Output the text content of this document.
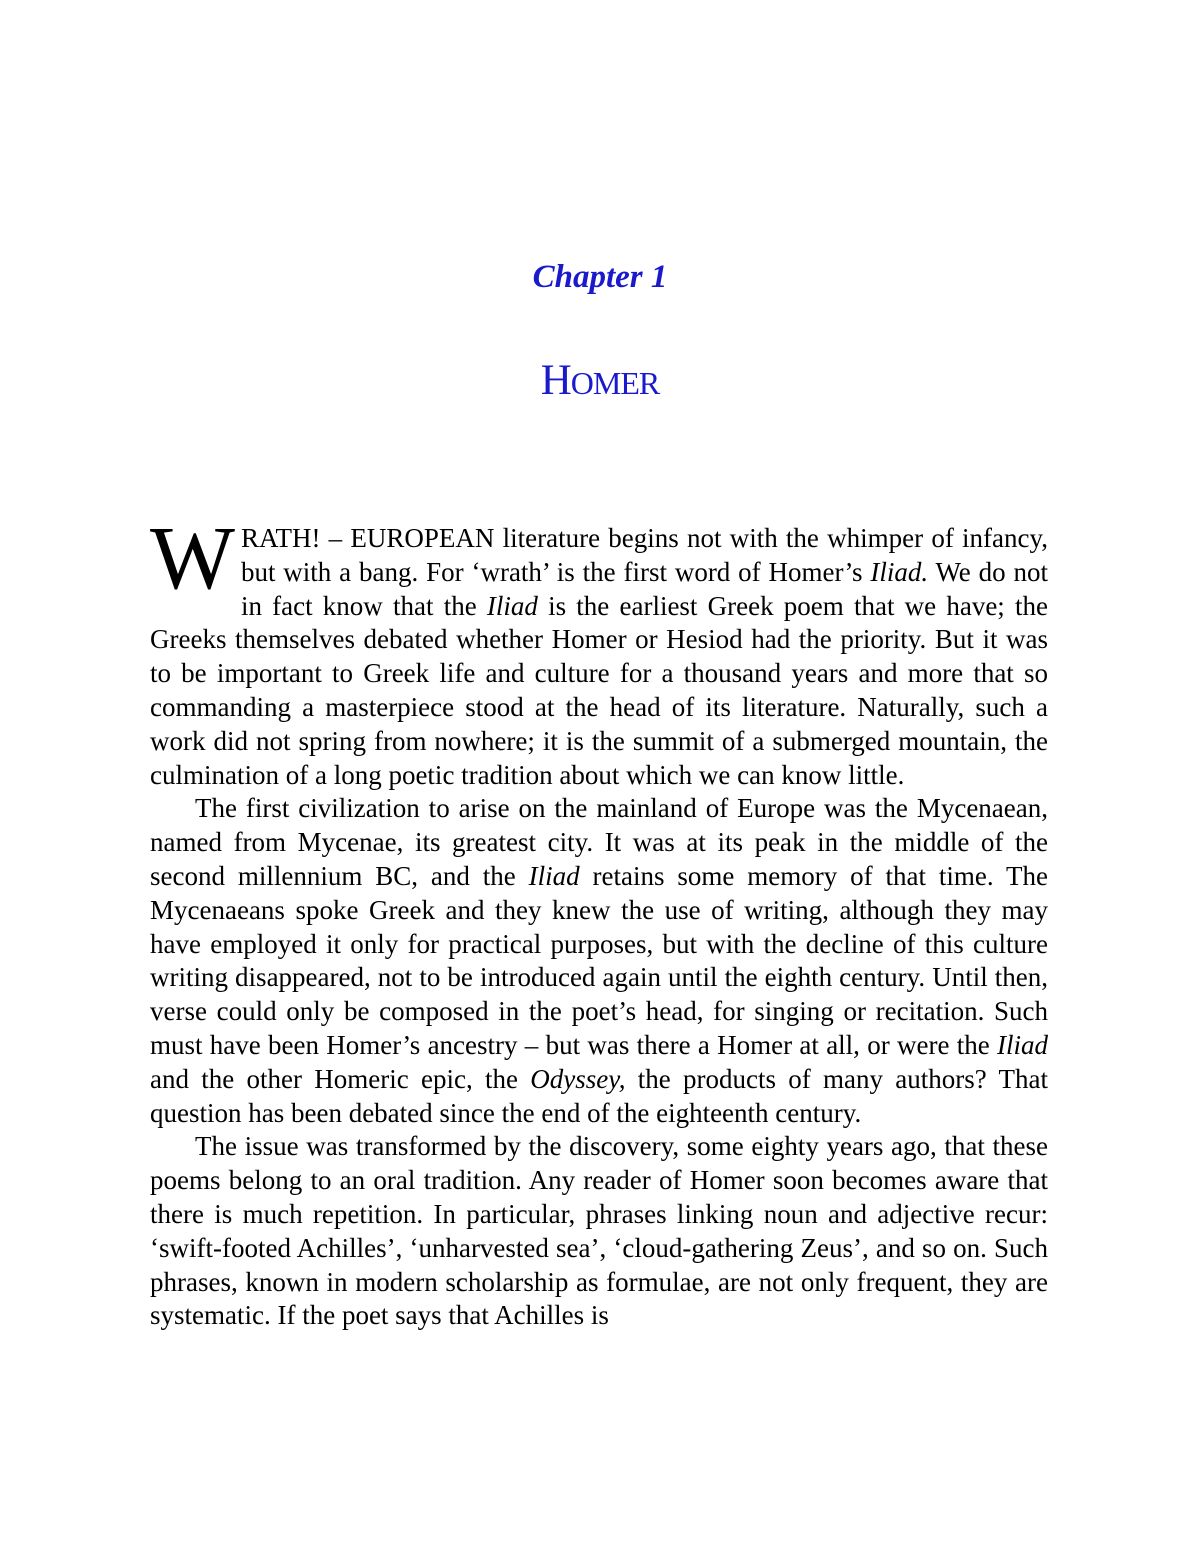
Chapter 1
HOMER

WRATH! – EUROPEAN literature begins not with the whimper of infancy, but with a bang. For ‘wrath’ is the first word of Homer’s Iliad. We do not in fact know that the Iliad is the earliest Greek poem that we have; the Greeks themselves debated whether Homer or Hesiod had the priority. But it was to be important to Greek life and culture for a thousand years and more that so commanding a masterpiece stood at the head of its literature. Naturally, such a work did not spring from nowhere; it is the summit of a submerged mountain, the culmination of a long poetic tradition about which we can know little.

The first civilization to arise on the mainland of Europe was the Mycenaean, named from Mycenae, its greatest city. It was at its peak in the middle of the second millennium BC, and the Iliad retains some memory of that time. The Mycenaeans spoke Greek and they knew the use of writing, although they may have employed it only for practical purposes, but with the decline of this culture writing disappeared, not to be introduced again until the eighth century. Until then, verse could only be composed in the poet’s head, for singing or recitation. Such must have been Homer’s ancestry – but was there a Homer at all, or were the Iliad and the other Homeric epic, the Odyssey, the products of many authors? That question has been debated since the end of the eighteenth century.

The issue was transformed by the discovery, some eighty years ago, that these poems belong to an oral tradition. Any reader of Homer soon becomes aware that there is much repetition. In particular, phrases linking noun and adjective recur: ‘swift-footed Achilles’, ‘unharvested sea’, ‘cloud-gathering Zeus’, and so on. Such phrases, known in modern scholarship as formulae, are not only frequent, they are systematic. If the poet says that Achilles is
